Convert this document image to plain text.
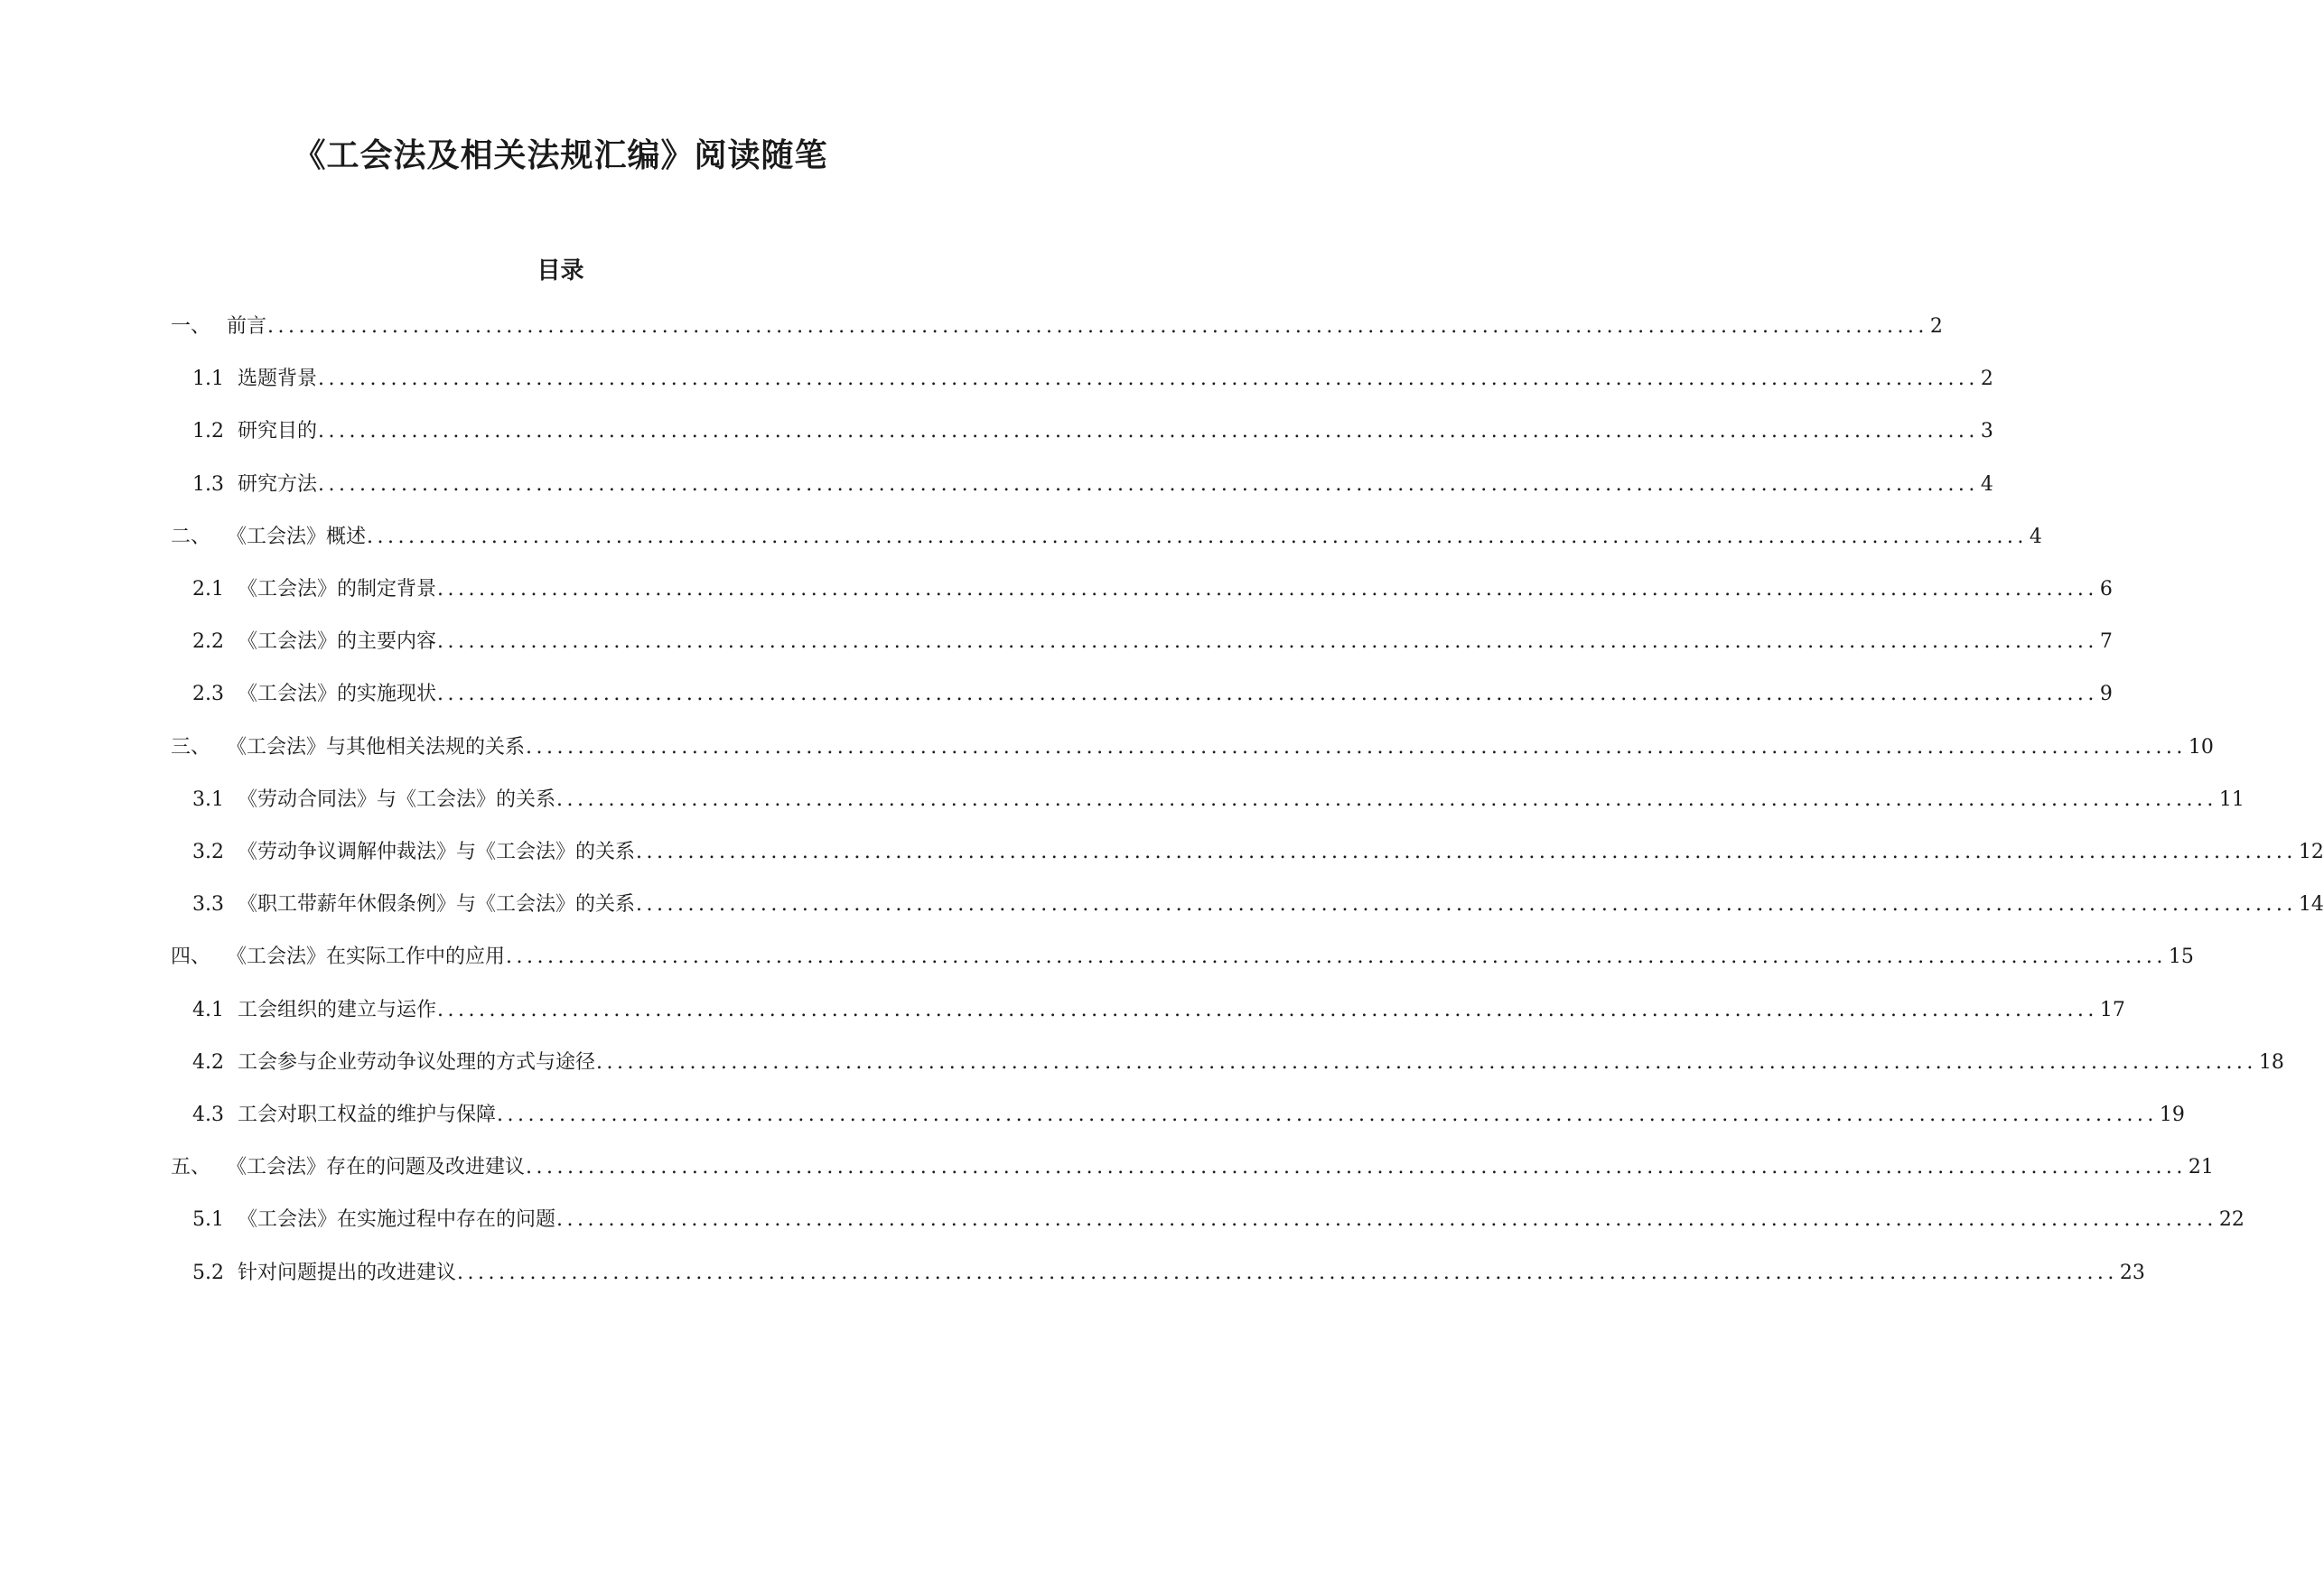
《工会法及相关法规汇编》阅读随笔
目录
一、 前言 ................................................................................................................................................................ 2
1.1 选题背景 ................................................................................................................................................................ 2
1.2 研究目的 ................................................................................................................................................................ 3
1.3 研究方法 ................................................................................................................................................................ 4
二、 《工会法》概述 ................................................................................................................................................................ 4
2.1 《工会法》的制定背景 ................................................................................................................................................................ 6
2.2 《工会法》的主要内容 ................................................................................................................................................................ 7
2.3 《工会法》的实施现状 ................................................................................................................................................................ 9
三、 《工会法》与其他相关法规的关系 ................................................................................................................................................................ 10
3.1 《劳动合同法》与《工会法》的关系 ................................................................................................................................................................ 11
3.2 《劳动争议调解仲裁法》与《工会法》的关系 ................................................................................................................................................................ 12
3.3 《职工带薪年休假条例》与《工会法》的关系 ................................................................................................................................................................ 14
四、 《工会法》在实际工作中的应用 ................................................................................................................................................................ 15
4.1 工会组织的建立与运作 ................................................................................................................................................................ 17
4.2 工会参与企业劳动争议处理的方式与途径 ................................................................................................................................................................ 18
4.3 工会对职工权益的维护与保障 ................................................................................................................................................................ 19
五、 《工会法》存在的问题及改进建议 ................................................................................................................................................................ 21
5.1 《工会法》在实施过程中存在的问题 ................................................................................................................................................................ 22
5.2 针对问题提出的改进建议 ................................................................................................................................................................ 23
